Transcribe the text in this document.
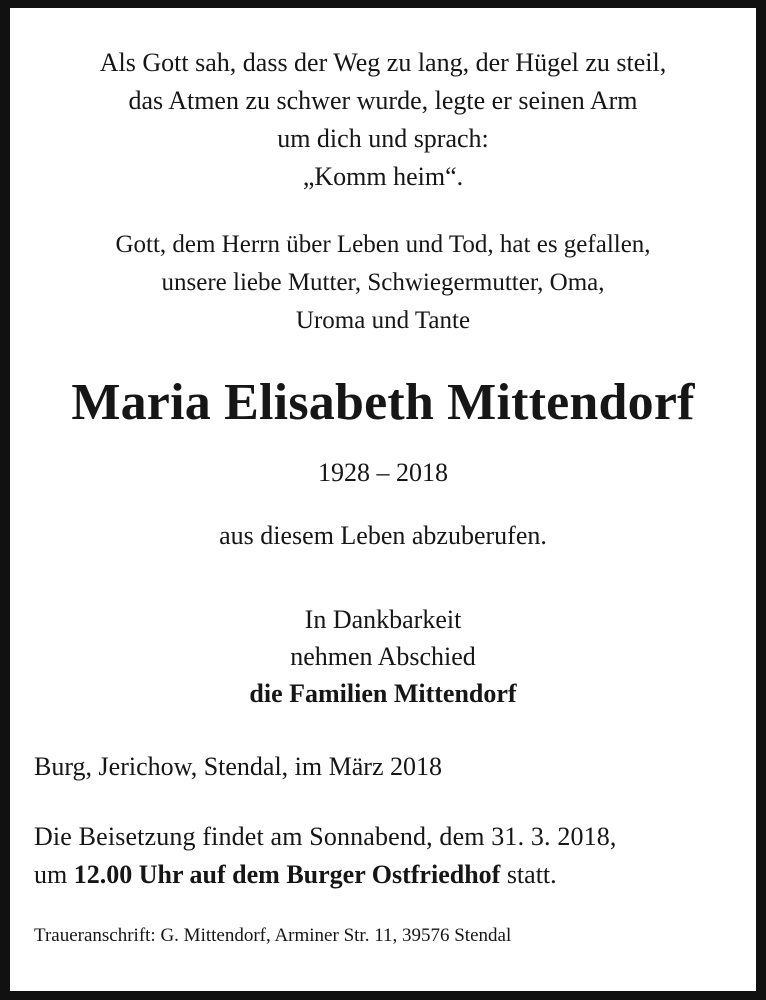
Als Gott sah, dass der Weg zu lang, der Hügel zu steil,

das Atmen zu schwer wurde, legte er seinen Arm

um dich und sprach:

„Komm heim“.

Gott, dem Herrn über Leben und Tod, hat es gefallen,

unsere liebe Mutter, Schwiegermutter, Oma,

Uroma und Tante

Maria Elisabeth Mittendorf

1928 – 2018

aus diesem Leben abzuberufen.

In Dankbarkeit

nehmen Abschied

die Familien Mittendorf

Burg, Jerichow, Stendal, im März 2018

Die Beisetzung findet am Sonnabend, dem 31. 3. 2018,

um 12.00 Uhr auf dem Burger Ostfriedhof statt.

Traueranschrift: G. Mittendorf, Arminer Str. 11, 39576 Stendal
